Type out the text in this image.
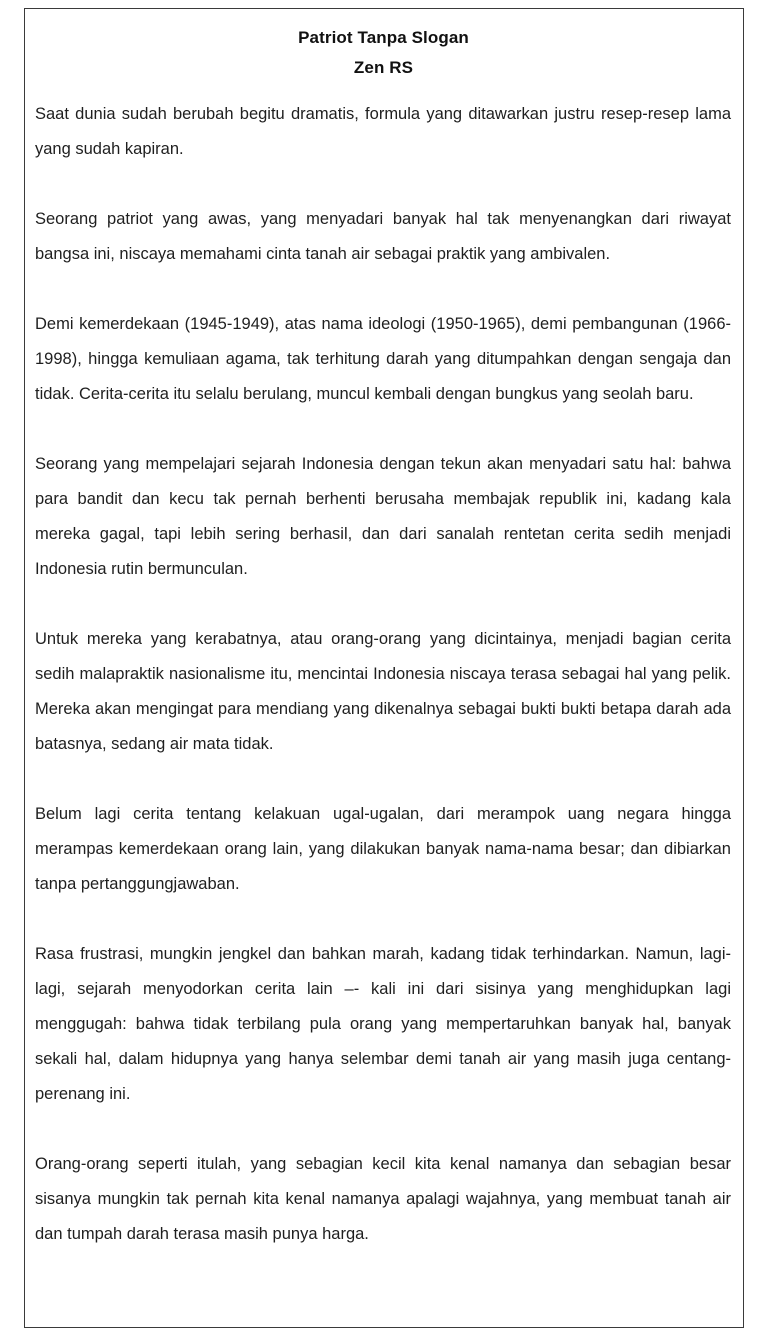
Patriot Tanpa Slogan
Zen RS

Saat dunia sudah berubah begitu dramatis, formula yang ditawarkan justru resep-resep lama yang sudah kapiran.

Seorang patriot yang awas, yang menyadari banyak hal tak menyenangkan dari riwayat bangsa ini, niscaya memahami cinta tanah air sebagai praktik yang ambivalen.

Demi kemerdekaan (1945-1949), atas nama ideologi (1950-1965), demi pembangunan (1966-1998), hingga kemuliaan agama, tak terhitung darah yang ditumpahkan dengan sengaja dan tidak. Cerita-cerita itu selalu berulang, muncul kembali dengan bungkus yang seolah baru.

Seorang yang mempelajari sejarah Indonesia dengan tekun akan menyadari satu hal: bahwa para bandit dan kecu tak pernah berhenti berusaha membajak republik ini, kadang kala mereka gagal, tapi lebih sering berhasil, dan dari sanalah rentetan cerita sedih menjadi Indonesia rutin bermunculan.

Untuk mereka yang kerabatnya, atau orang-orang yang dicintainya, menjadi bagian cerita sedih malapraktik nasionalisme itu, mencintai Indonesia niscaya terasa sebagai hal yang pelik. Mereka akan mengingat para mendiang yang dikenalnya sebagai bukti bukti betapa darah ada batasnya, sedang air mata tidak.

Belum lagi cerita tentang kelakuan ugal-ugalan, dari merampok uang negara hingga merampas kemerdekaan orang lain, yang dilakukan banyak nama-nama besar; dan dibiarkan tanpa pertanggungjawaban.

Rasa frustrasi, mungkin jengkel dan bahkan marah, kadang tidak terhindarkan. Namun, lagi-lagi, sejarah menyodorkan cerita lain –- kali ini dari sisinya yang menghidupkan lagi menggugah: bahwa tidak terbilang pula orang yang mempertaruhkan banyak hal, banyak sekali hal, dalam hidupnya yang hanya selembar demi tanah air yang masih juga centang-perenang ini.

Orang-orang seperti itulah, yang sebagian kecil kita kenal namanya dan sebagian besar sisanya mungkin tak pernah kita kenal namanya apalagi wajahnya, yang membuat tanah air dan tumpah darah terasa masih punya harga.
